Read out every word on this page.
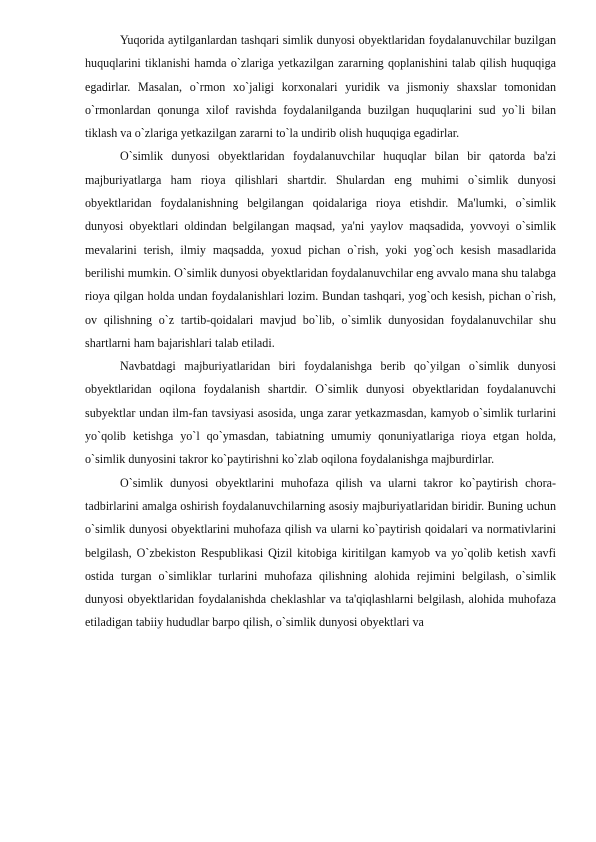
Yuqorida aytilganlardan tashqari simlik dunyosi obyektlaridan foydalanuvchilar buzilgan huquqlarini tiklanishi hamda o`zlariga yetkazilgan zararning qoplanishini talab qilish huquqiga egadirlar. Masalan, o`rmon xo`jaligi korxonalari yuridik va jismoniy shaxslar tomonidan o`rmonlardan qonunga xilof ravishda foydalanilganda buzilgan huquqlarini sud yo`li bilan tiklash va o`zlariga yetkazilgan zararni to`la undirib olish huquqiga egadirlar.

O`simlik dunyosi obyektlaridan foydalanuvchilar huquqlar bilan bir qatorda ba'zi majburiyatlarga ham rioya qilishlari shartdir. Shulardan eng muhimi o`simlik dunyosi obyektlaridan foydalanishning belgilangan qoidalariga rioya etishdir. Ma'lumki, o`simlik dunyosi obyektlari oldindan belgilangan maqsad, ya'ni yaylov maqsadida, yovvoyi o`simlik mevalarini terish, ilmiy maqsadda, yoxud pichan o`rish, yoki yog`och kesish masadlarida berilishi mumkin. O`simlik dunyosi obyektlaridan foydalanuvchilar eng avvalo mana shu talabga rioya qilgan holda undan foydalanishlari lozim. Bundan tashqari, yog`och kesish, pichan o`rish, ov qilishning o`z tartib-qoidalari mavjud bo`lib, o`simlik dunyosidan foydalanuvchilar shu shartlarni ham bajarishlari talab etiladi.

Navbatdagi majburiyatlaridan biri foydalanishga berib qo`yilgan o`simlik dunyosi obyektlaridan oqilona foydalanish shartdir. O`simlik dunyosi obyektlaridan foydalanuvchi subyektlar undan ilm-fan tavsiyasi asosida, unga zarar yetkazmasdan, kamyob o`simlik turlarini yo`qolib ketishga yo`l qo`ymasdan, tabiatning umumiy qonuniyatlariga rioya etgan holda, o`simlik dunyosini takror ko`paytirishni ko`zlab oqilona foydalanishga majburdirlar.

O`simlik dunyosi obyektlarini muhofaza qilish va ularni takror ko`paytirish chora-tadbirlarini amalga oshirish foydalanuvchilarning asosiy majburiyatlaridan biridir. Buning uchun o`simlik dunyosi obyektlarini muhofaza qilish va ularni ko`paytirish qoidalari va normativlarini belgilash, O`zbekiston Respublikasi Qizil kitobiga kiritilgan kamyob va yo`qolib ketish xavfi ostida turgan o`simliklar turlarini muhofaza qilishning alohida rejimini belgilash, o`simlik dunyosi obyektlaridan foydalanishda cheklashlar va ta'qiqlashlarni belgilash, alohida muhofaza etiladigan tabiiy hududlar barpo qilish, o`simlik dunyosi obyektlari va
